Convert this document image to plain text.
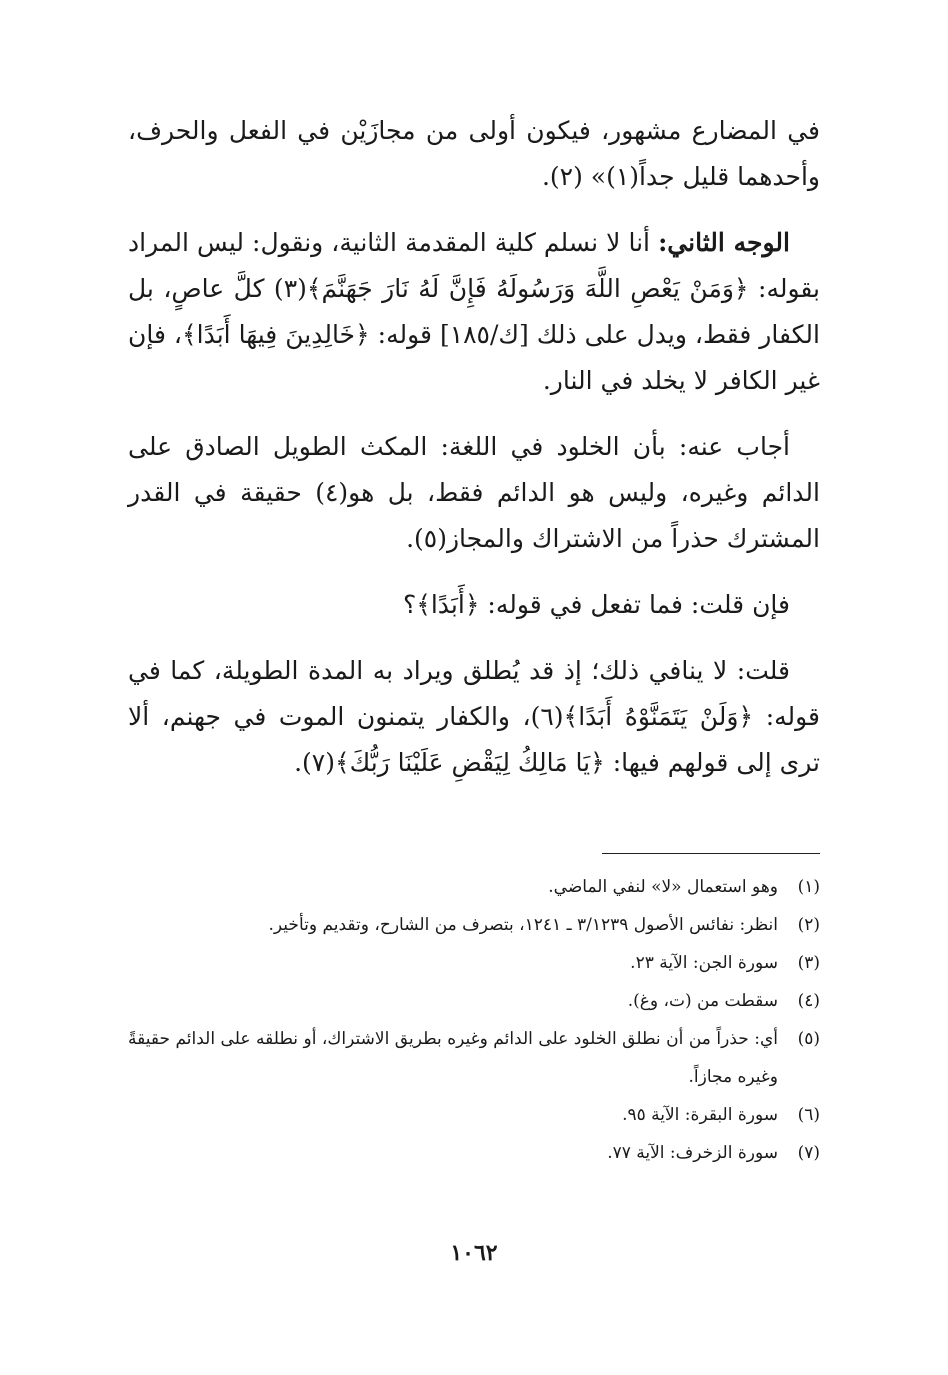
في المضارع مشهور، فيكون أولى من مجازَيْن في الفعل والحرف، وأحدهما قليل جداً(١)» (٢).

الوجه الثاني: أنا لا نسلم كلية المقدمة الثانية، ونقول: ليس المراد بقوله: ﴿وَمَنْ يَعْصِ اللَّهَ وَرَسُولَهُ فَإِنَّ لَهُ نَارَ جَهَنَّمَ﴾(٣) كلَّ عاصٍ، بل الكفار فقط، ويدل على ذلك [ك/١٨٥] قوله: ﴿خَالِدِينَ فِيهَا أَبَدًا﴾، فإن غير الكافر لا يخلد في النار.

أجاب عنه: بأن الخلود في اللغة: المكث الطويل الصادق على الدائم وغيره، وليس هو الدائم فقط، بل هو(٤) حقيقة في القدر المشترك حذراً من الاشتراك والمجاز(٥).

فإن قلت: فما تفعل في قوله: ﴿أَبَدًا﴾؟

قلت: لا ينافي ذلك؛ إذ قد يُطلق ويراد به المدة الطويلة، كما في قوله: ﴿وَلَنْ يَتَمَنَّوْهُ أَبَدًا﴾(٦)، والكفار يتمنون الموت في جهنم، ألا ترى إلى قولهم فيها: ﴿يَا مَالِكُ لِيَقْضِ عَلَيْنَا رَبُّكَ﴾(٧).

(١)وهو استعمال «لا» لنفي الماضي.

(٢)انظر: نفائس الأصول ٣/١٢٣٩ ـ ١٢٤١، بتصرف من الشارح، وتقديم وتأخير.

(٣)سورة الجن: الآية ٢٣.

(٤)سقطت من (ت، وغ).

(٥)أي: حذراً من أن نطلق الخلود على الدائم وغيره بطريق الاشتراك، أو نطلقه على الدائم حقيقةً وغيره مجازاً.

(٦)سورة البقرة: الآية ٩٥.

(٧)سورة الزخرف: الآية ٧٧.

١٠٦٢
